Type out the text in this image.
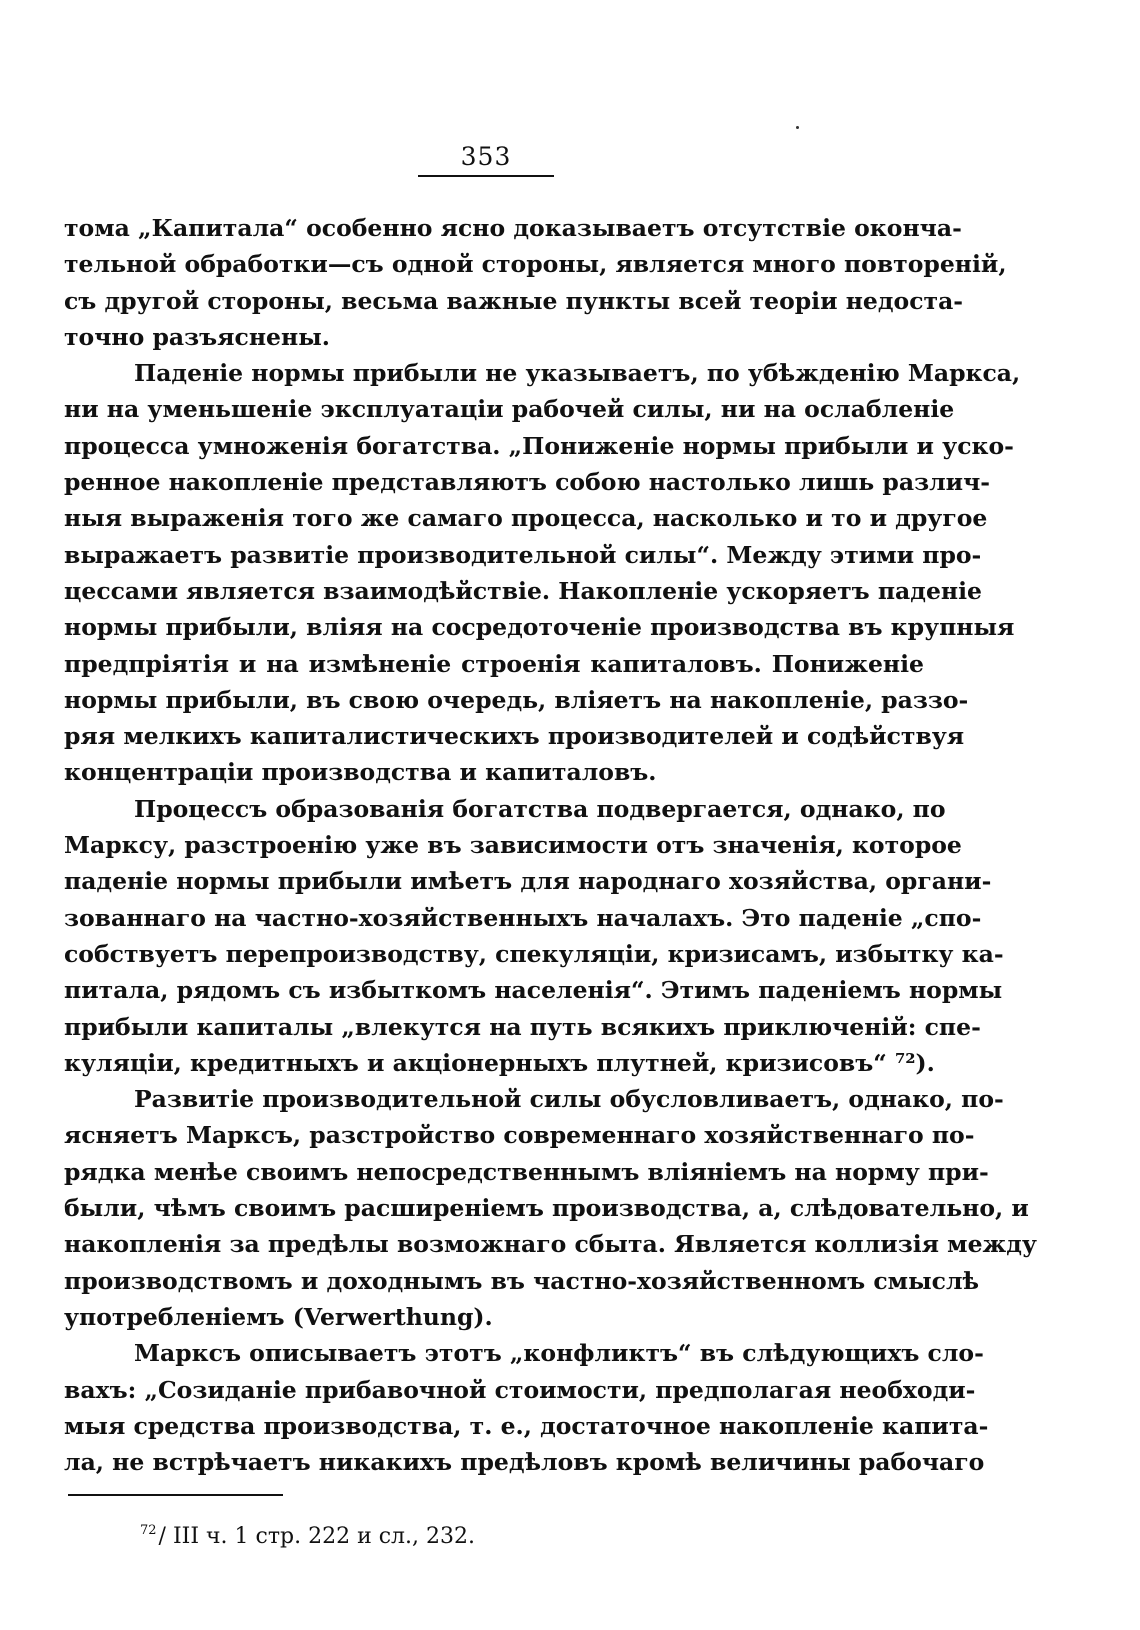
353
тома „Капитала“ особенно ясно доказываетъ отсутствіе оконча-
тельной обработки—съ одной стороны, является много повтореній,
съ другой стороны, весьма важные пункты всей теоріи недоста-
точно разъяснены.
Паденіе нормы прибыли не указываетъ, по убѣжденію Маркса,
ни на уменьшеніе эксплуатаціи рабочей силы, ни на ослабленіе
процесса умноженія богатства. „Пониженіе нормы прибыли и уско-
ренное накопленіе представляютъ собою настолько лишь различ-
ныя выраженія того же самаго процесса, насколько и то и другое
выражаетъ развитіе производительной силы“. Между этими про-
цессами является взаимодѣйствіе. Накопленіе ускоряетъ паденіе
нормы прибыли, вліяя на сосредоточеніе производства въ крупныя
предпріятія и на измѣненіе строенія капиталовъ. Пониженіе
нормы прибыли, въ свою очередь, вліяетъ на накопленіе, раззо-
ряя мелкихъ капиталистическихъ производителей и содѣйствуя
концентраціи производства и капиталовъ.
Процессъ образованія богатства подвергается, однако, по
Марксу, разстроенію уже въ зависимости отъ значенія, которое
паденіе нормы прибыли имѣетъ для народнаго хозяйства, органи-
зованнаго на частно-хозяйственныхъ началахъ. Это паденіе „спо-
собствуетъ перепроизводству, спекуляціи, кризисамъ, избытку ка-
питала, рядомъ съ избыткомъ населенія“. Этимъ паденіемъ нормы
прибыли капиталы „влекутся на путь всякихъ приключеній: спе-
куляціи, кредитныхъ и акціонерныхъ плутней, кризисовъ“ ⁷²).
Развитіе производительной силы обусловливаетъ, однако, по-
ясняетъ Марксъ, разстройство современнаго хозяйственнаго по-
рядка менѣе своимъ непосредственнымъ вліяніемъ на норму при-
были, чѣмъ своимъ расширеніемъ производства, а, слѣдовательно, и
накопленія за предѣлы возможнаго сбыта. Является коллизія между
производствомъ и доходнымъ въ частно-хозяйственномъ смыслѣ
употребленіемъ (Verwerthung).
Марксъ описываетъ этотъ „конфликтъ“ въ слѣдующихъ сло-
вахъ: „Созиданіе прибавочной стоимости, предполагая необходи-
мыя средства производства, т. е., достаточное накопленіе капита-
ла, не встрѣчаетъ никакихъ предѣловъ кромѣ величины рабочаго
$^{72}$/ III ч. 1 стр. 222 и сл., 232.
